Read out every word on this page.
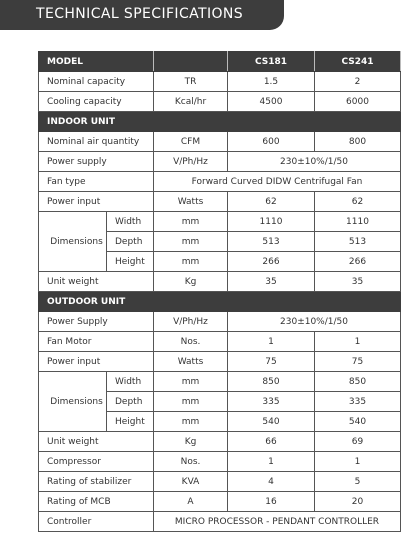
TECHNICAL SPECIFICATIONS
MODEL			CS181	CS241
Nominal capacity		TR	1.5	2
Cooling capacity		Kcal/hr	4500	6000
INDOOR UNIT				
Nominal air quantity		CFM	600	800
Power supply		V/Ph/Hz	230±10%/1/50	
Fan type		Forward Curved DIDW Centrifugal Fan		
Power input		Watts	62	62
Dimensions	Width	mm	1110	1110
	Depth	mm	513	513
	Height	mm	266	266
Unit weight		Kg	35	35
OUTDOOR UNIT				
Power Supply		V/Ph/Hz	230±10%/1/50	
Fan Motor		Nos.	1	1
Power input		Watts	75	75
Dimensions	Width	mm	850	850
	Depth	mm	335	335
	Height	mm	540	540
Unit weight		Kg	66	69
Compressor		Nos.	1	1
Rating of stabilizer		KVA	4	5
Rating of MCB		A	16	20
Controller		MICRO PROCESSOR - PENDANT CONTROLLER		
